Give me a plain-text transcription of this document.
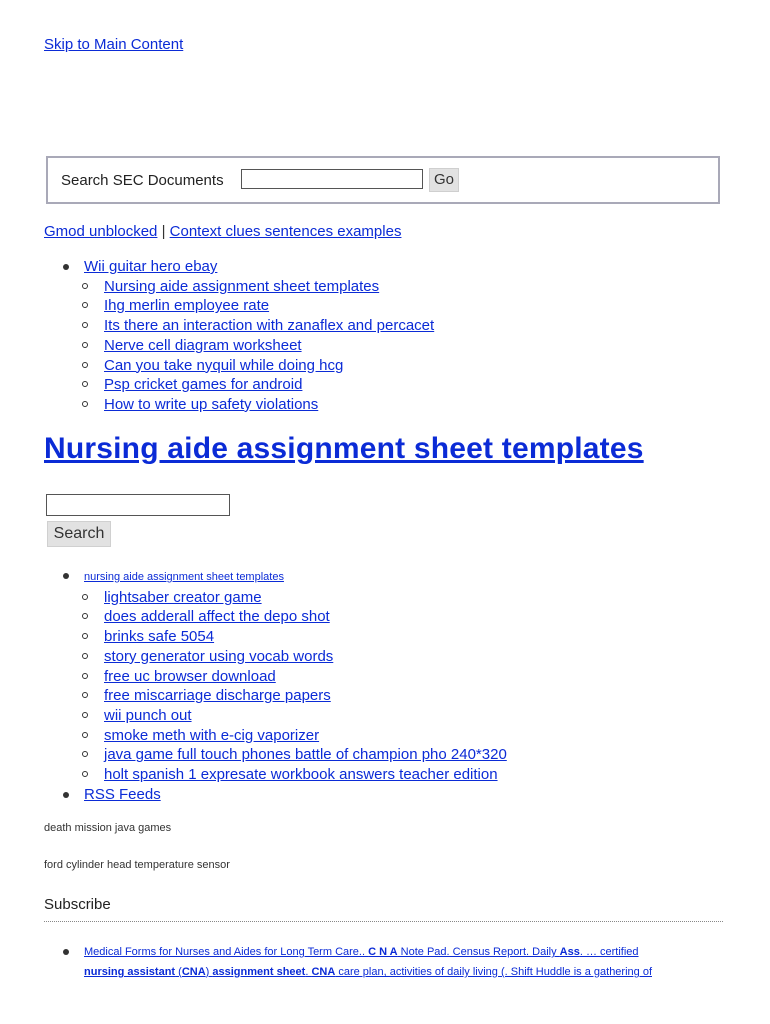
Skip to Main Content
Search SEC Documents	Go
Gmod unblocked | Context clues sentences examples
Wii guitar hero ebay
Nursing aide assignment sheet templates
Ihg merlin employee rate
Its there an interaction with zanaflex and percacet
Nerve cell diagram worksheet
Can you take nyquil while doing hcg
Psp cricket games for android
How to write up safety violations
Nursing aide assignment sheet templates
Search
nursing aide assignment sheet templates
lightsaber creator game
does adderall affect the depo shot
brinks safe 5054
story generator using vocab words
free uc browser download
free miscarriage discharge papers
wii punch out
smoke meth with e-cig vaporizer
java game full touch phones battle of champion pho 240*320
holt spanish 1 expresate workbook answers teacher edition
RSS Feeds
death mission java games
ford cylinder head temperature sensor
Subscribe
Medical Forms for Nurses and Aides for Long Term Care.. C N A Note Pad. Census Report. Daily Ass. … certified
nursing assistant (CNA) assignment sheet. CNA care plan, activities of daily living (. Shift Huddle is a gathering of
